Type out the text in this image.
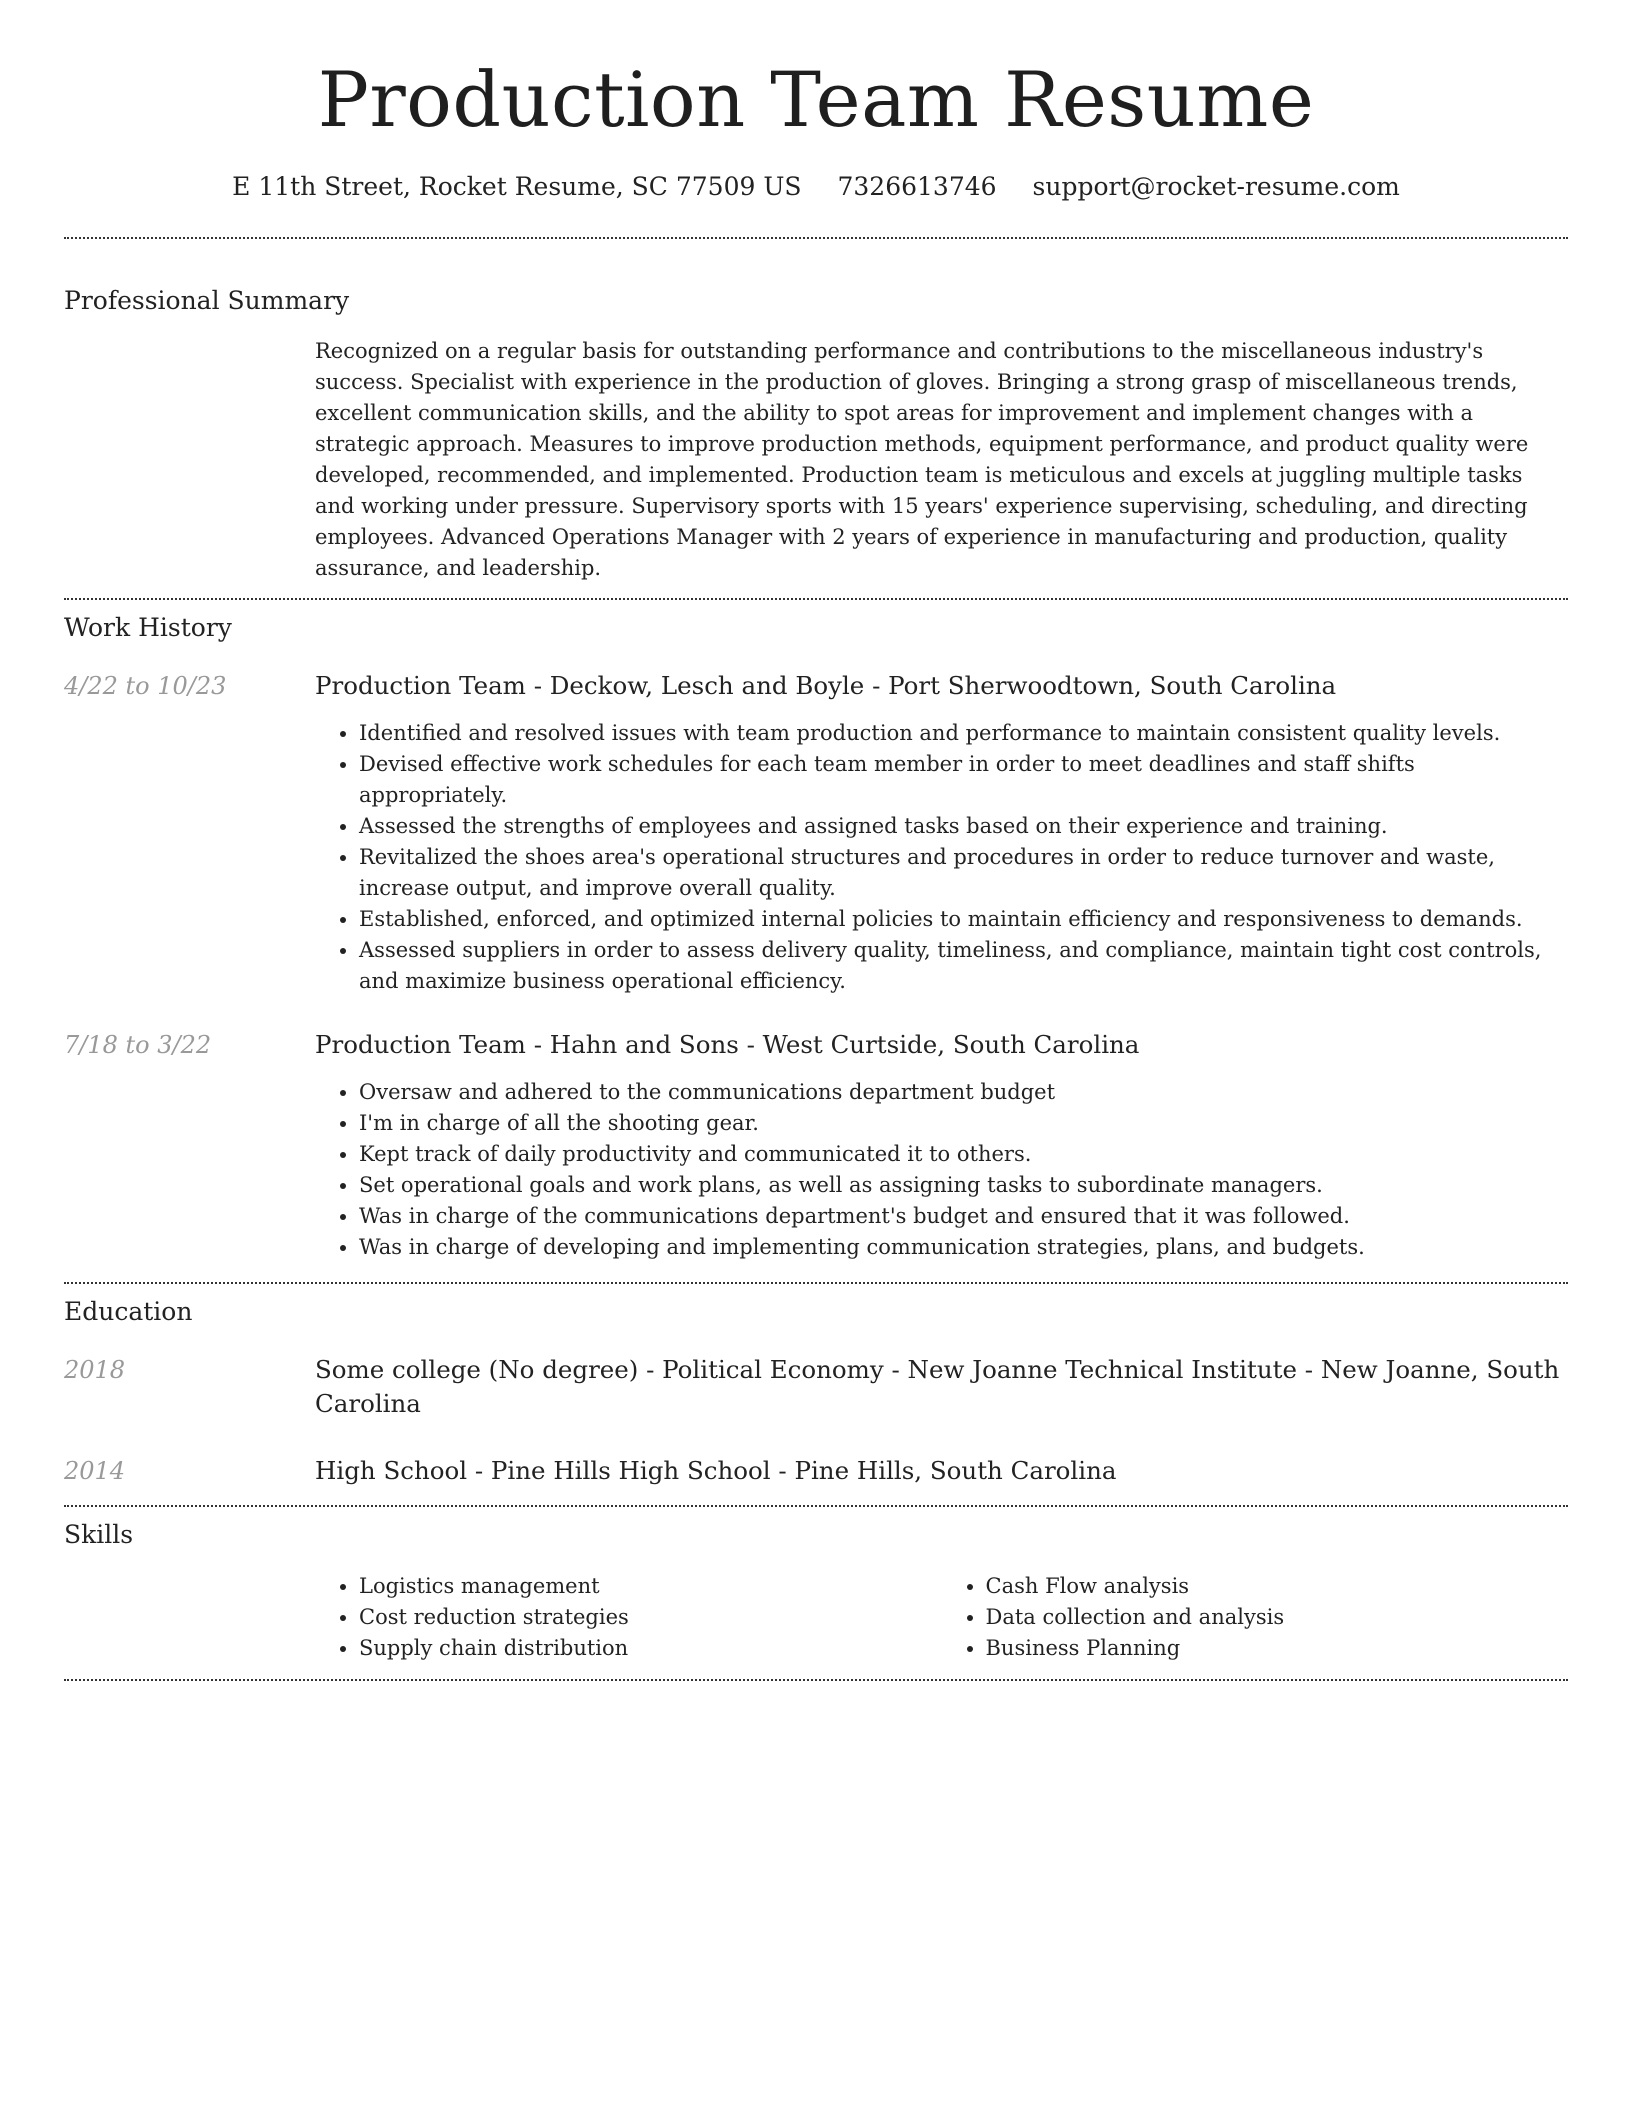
Production Team Resume
E 11th Street, Rocket Resume, SC 77509 US 7326613746 support@rocket-resume.com
Professional Summary

Recognized on a regular basis for outstanding performance and contributions to the miscellaneous industry's success. Specialist with experience in the production of gloves. Bringing a strong grasp of miscellaneous trends, excellent communication skills, and the ability to spot areas for improvement and implement changes with a strategic approach. Measures to improve production methods, equipment performance, and product quality were developed, recommended, and implemented. Production team is meticulous and excels at juggling multiple tasks and working under pressure. Supervisory sports with 15 years' experience supervising, scheduling, and directing employees. Advanced Operations Manager with 2 years of experience in manufacturing and production, quality assurance, and leadership.

Work History
4/22 to 10/23	Production Team - Deckow, Lesch and Boyle - Port Sherwoodtown, South Carolina
• Identified and resolved issues with team production and performance to maintain consistent quality levels.
• Devised effective work schedules for each team member in order to meet deadlines and staff shifts appropriately.
• Assessed the strengths of employees and assigned tasks based on their experience and training.
• Revitalized the shoes area's operational structures and procedures in order to reduce turnover and waste, increase output, and improve overall quality.
• Established, enforced, and optimized internal policies to maintain efficiency and responsiveness to demands.
• Assessed suppliers in order to assess delivery quality, timeliness, and compliance, maintain tight cost controls, and maximize business operational efficiency.
7/18 to 3/22	Production Team - Hahn and Sons - West Curtside, South Carolina
• Oversaw and adhered to the communications department budget
• I'm in charge of all the shooting gear.
• Kept track of daily productivity and communicated it to others.
• Set operational goals and work plans, as well as assigning tasks to subordinate managers.
• Was in charge of the communications department's budget and ensured that it was followed.
• Was in charge of developing and implementing communication strategies, plans, and budgets.
Education
2018	Some college (No degree) - Political Economy - New Joanne Technical Institute - New Joanne, South Carolina
2014	High School - Pine Hills High School - Pine Hills, South Carolina
Skills
• Logistics management
• Cost reduction strategies
• Supply chain distribution
• Cash Flow analysis
• Data collection and analysis
• Business Planning
